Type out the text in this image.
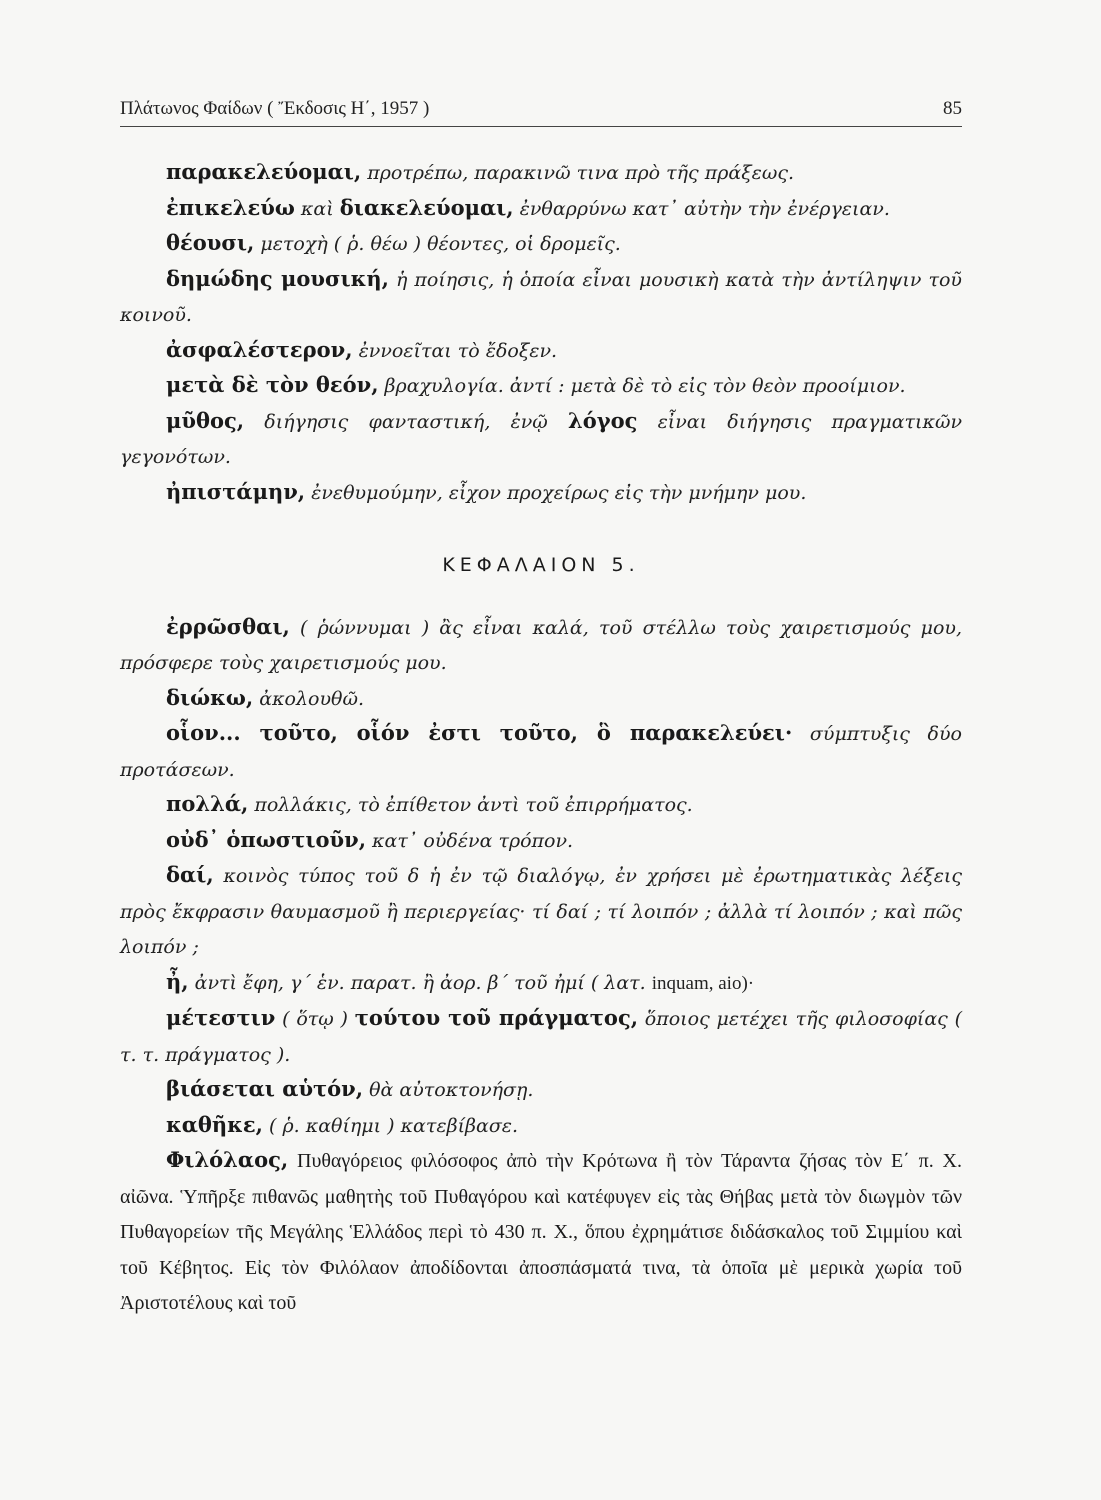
Πλάτωνος Φαίδων ( Ἔκδοσις Η΄, 1957 )	85

παρακελεύομαι, προτρέπω, παρακινῶ τινα πρὸ τῆς πράξεως.

ἐπικελεύω καὶ διακελεύομαι, ἐνθαρρύνω κατ᾽ αὐτὴν τὴν ἐνέργειαν.

θέουσι, μετοχὴ ( ῥ. θέω ) θέοντες, οἱ δρομεῖς.

δημώδης μουσική, ἡ ποίησις, ἡ ὁποία εἶναι μουσικὴ κατὰ τὴν ἀντίληψιν τοῦ κοινοῦ.

ἀσφαλέστερον, ἐννοεῖται τὸ ἔδοξεν.

μετὰ δὲ τὸν θεόν, βραχυλογία. ἀντί : μετὰ δὲ τὸ εἰς τὸν θεὸν προοίμιον.

μῦθος, διήγησις φανταστική, ἐνῷ λόγος εἶναι διήγησις πραγματικῶν γεγονότων.

ἠπιστάμην, ἐνεθυμούμην, εἶχον προχείρως εἰς τὴν μνήμην μου.

ΚΕΦΑΛΑΙΟΝ 5.

ἐρρῶσθαι, ( ῥώννυμαι ) ἂς εἶναι καλά, τοῦ στέλλω τοὺς χαιρετισμούς μου, πρόσφερε τοὺς χαιρετισμούς μου.

διώκω, ἀκολουθῶ.

οἷον... τοῦτο, οἷόν ἐστι τοῦτο, ὃ παρακελεύει· σύμπτυξις δύο προτάσεων.

πολλά, πολλάκις, τὸ ἐπίθετον ἀντὶ τοῦ ἐπιρρήματος.

οὐδ᾽ ὁπωστιοῦν, κατ᾽ οὐδένα τρόπον.

δαί, κοινὸς τύπος τοῦ δ ἡ ἐν τῷ διαλόγῳ, ἐν χρήσει μὲ ἐρωτηματικὰς λέξεις πρὸς ἔκφρασιν θαυμασμοῦ ἢ περιεργείας· τί δαί ; τί λοιπόν ; ἀλλὰ τί λοιπόν ; καὶ πῶς λοιπόν ;

ἦ, ἀντὶ ἔφη, γ΄ ἑν. παρατ. ἢ ἀορ. β΄ τοῦ ἠμί ( λατ. inquam, aio)·

μέτεστιν ( ὅτῳ ) τούτου τοῦ πράγματος, ὅποιος μετέχει τῆς φιλοσοφίας ( τ. τ. πράγματος ).

βιάσεται αὑτόν, θὰ αὐτοκτονήσῃ.

καθῆκε, ( ῥ. καθίημι ) κατεβίβασε.

Φιλόλαος, Πυθαγόρειος φιλόσοφος ἀπὸ τὴν Κρότωνα ἢ τὸν Τάραντα ζήσας τὸν Ε΄ π. Χ. αἰῶνα. Ὑπῆρξε πιθανῶς μαθητὴς τοῦ Πυθαγόρου καὶ κατέφυγεν εἰς τὰς Θήβας μετὰ τὸν διωγμὸν τῶν Πυθαγορείων τῆς Μεγάλης Ἑλλάδος περὶ τὸ 430 π. Χ., ὅπου ἐχρημάτισε διδάσκαλος τοῦ Σιμμίου καὶ τοῦ Κέβητος. Εἰς τὸν Φιλόλαον ἀποδίδονται ἀποσπάσματά τινα, τὰ ὁποῖα μὲ μερικὰ χωρία τοῦ Ἀριστοτέλους καὶ τοῦ
